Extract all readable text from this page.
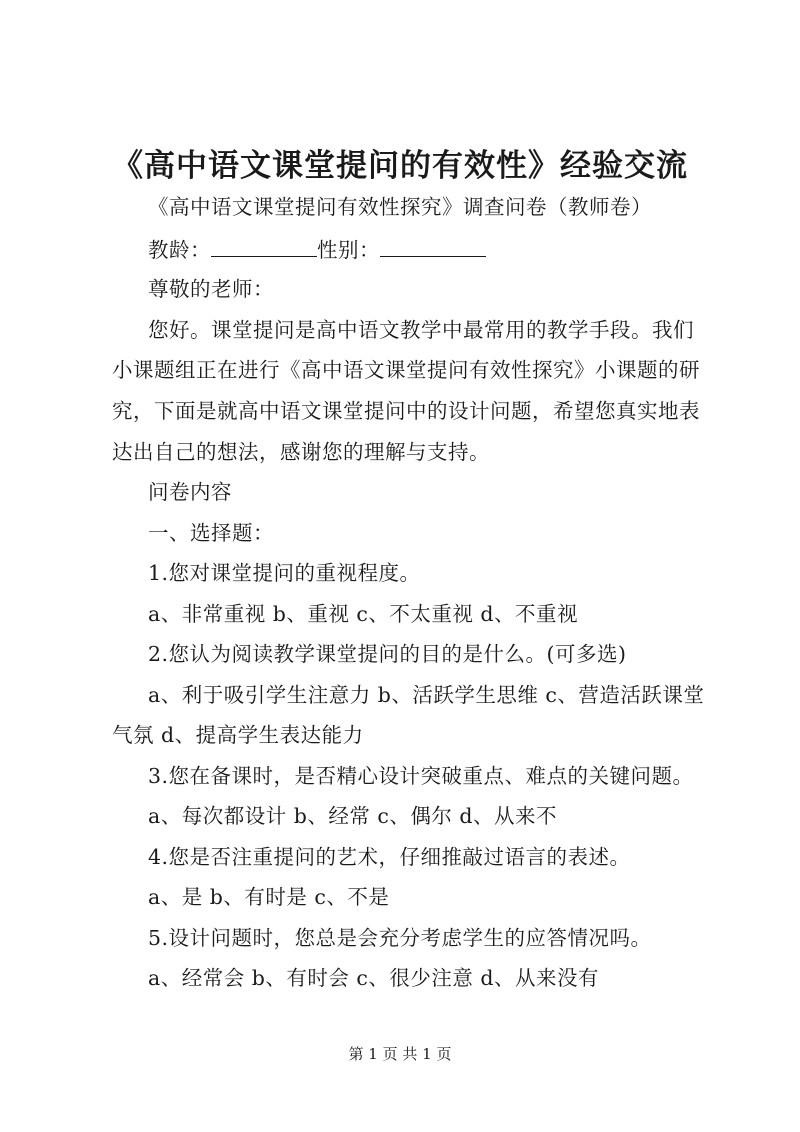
《高中语文课堂提问的有效性》经验交流
《高中语文课堂提问有效性探究》调查问卷（教师卷）
教龄：	性别：
尊敬的老师：
您好。课堂提问是高中语文教学中最常用的教学手段。我们
小课题组正在进行《高中语文课堂提问有效性探究》小课题的研
究，下面是就高中语文课堂提问中的设计问题，希望您真实地表
达出自己的想法，感谢您的理解与支持。
问卷内容
一、选择题：
1.您对课堂提问的重视程度。
a、非常重视 b、重视 c、不太重视 d、不重视
2.您认为阅读教学课堂提问的目的是什么。(可多选)
a、利于吸引学生注意力 b、活跃学生思维 c、营造活跃课堂
气氛 d、提高学生表达能力
3.您在备课时，是否精心设计突破重点、难点的关键问题。
a、每次都设计 b、经常 c、偶尔 d、从来不
4.您是否注重提问的艺术，仔细推敲过语言的表述。
a、是 b、有时是 c、不是
5.设计问题时，您总是会充分考虑学生的应答情况吗。
a、经常会 b、有时会 c、很少注意 d、从来没有
第 1 页 共 1 页
